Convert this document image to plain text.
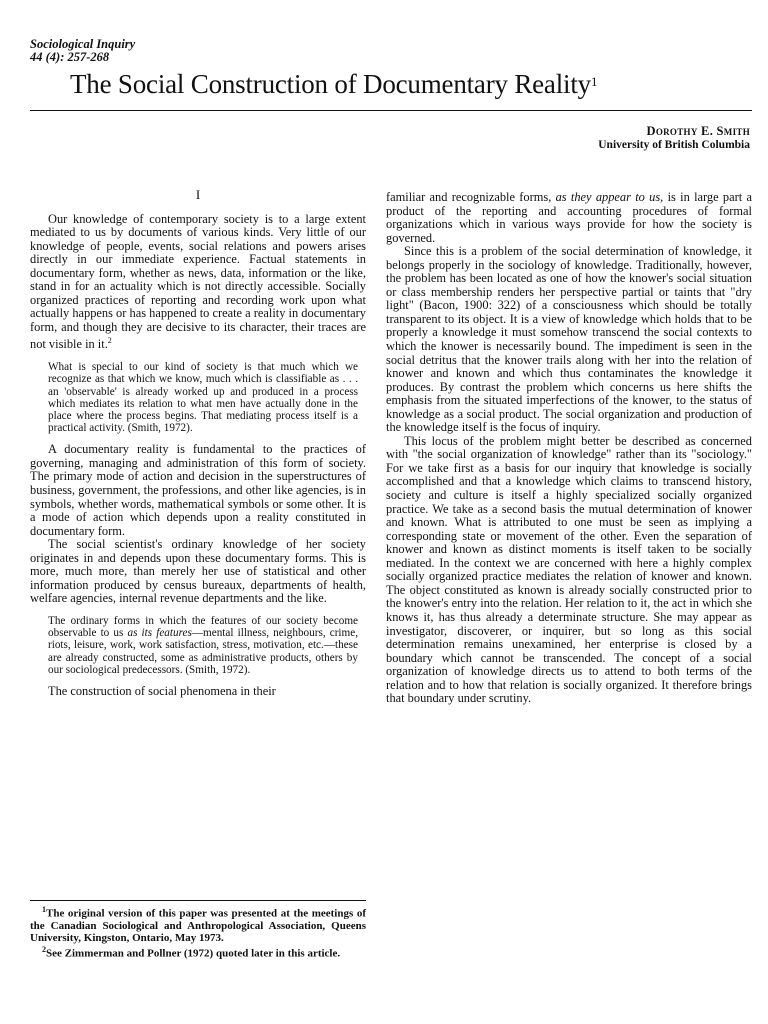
Sociological Inquiry
44 (4): 257-268
The Social Construction of Documentary Reality$^1$
Dorothy E. Smith
University of British Columbia
I

Our knowledge of contemporary society is to a large extent mediated to us by documents of various kinds. Very little of our knowledge of people, events, social relations and powers arises directly in our immediate experience. Factual statements in documentary form, whether as news, data, information or the like, stand in for an actuality which is not directly accessible. Socially organized practices of reporting and recording work upon what actually happens or has happened to create a reality in documentary form, and though they are decisive to its character, their traces are not visible in it.$^2$

What is special to our kind of society is that much which we recognize as that which we know, much which is classifiable as . . . an 'observable' is already worked up and produced in a process which mediates its relation to what men have actually done in the place where the process begins. That mediating process itself is a practical activity. (Smith, 1972).

A documentary reality is fundamental to the practices of governing, managing and administration of this form of society. The primary mode of action and decision in the superstructures of business, government, the professions, and other like agencies, is in symbols, whether words, mathematical symbols or some other. It is a mode of action which depends upon a reality constituted in documentary form.

The social scientist's ordinary knowledge of her society originates in and depends upon these documentary forms. This is more, much more, than merely her use of statistical and other information produced by census bureaux, departments of health, welfare agencies, internal revenue departments and the like.

The ordinary forms in which the features of our society become observable to us as its features—mental illness, neighbours, crime, riots, leisure, work, work satisfaction, stress, motivation, etc.—these are already constructed, some as administrative products, others by our sociological predecessors. (Smith, 1972).

The construction of social phenomena in their

$^1$The original version of this paper was presented at the meetings of the Canadian Sociological and Anthropological Association, Queens University, Kingston, Ontario, May 1973.

$^2$See Zimmerman and Pollner (1972) quoted later in this article.

familiar and recognizable forms, as they appear to us, is in large part a product of the reporting and accounting procedures of formal organizations which in various ways provide for how the society is governed.

Since this is a problem of the social determination of knowledge, it belongs properly in the sociology of knowledge. Traditionally, however, the problem has been located as one of how the knower's social situation or class membership renders her perspective partial or taints that "dry light" (Bacon, 1900: 322) of a consciousness which should be totally transparent to its object. It is a view of knowledge which holds that to be properly a knowledge it must somehow transcend the social contexts to which the knower is necessarily bound. The impediment is seen in the social detritus that the knower trails along with her into the relation of knower and known and which thus contaminates the knowledge it produces. By contrast the problem which concerns us here shifts the emphasis from the situated imperfections of the knower, to the status of knowledge as a social product. The social organization and production of the knowledge itself is the focus of inquiry.

This locus of the problem might better be described as concerned with "the social organization of knowledge" rather than its "sociology." For we take first as a basis for our inquiry that knowledge is socially accomplished and that a knowledge which claims to transcend history, society and culture is itself a highly specialized socially organized practice. We take as a second basis the mutual determination of knower and known. What is attributed to one must be seen as implying a corresponding state or movement of the other. Even the separation of knower and known as distinct moments is itself taken to be socially mediated. In the context we are concerned with here a highly complex socially organized practice mediates the relation of knower and known. The object constituted as known is already socially constructed prior to the knower's entry into the relation. Her relation to it, the act in which she knows it, has thus already a determinate structure. She may appear as investigator, discoverer, or inquirer, but so long as this social determination remains unexamined, her enterprise is closed by a boundary which cannot be transcended. The concept of a social organization of knowledge directs us to attend to both terms of the relation and to how that relation is socially organized. It therefore brings that boundary under scrutiny.
